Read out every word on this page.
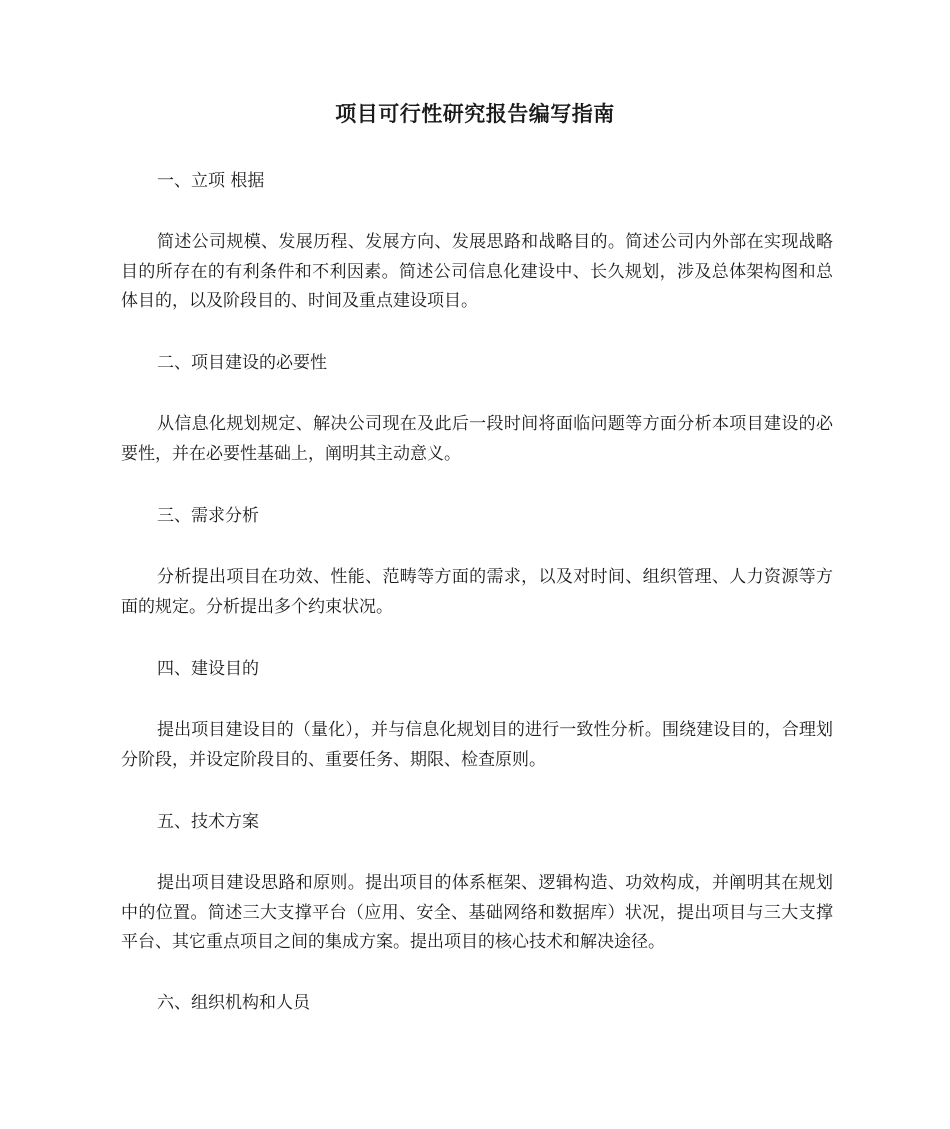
项目可行性研究报告编写指南
一、立项 根据

简述公司规模、发展历程、发展方向、发展思路和战略目的。简述公司内外部在实现战略目的所存在的有利条件和不利因素。简述公司信息化建设中、长久规划，涉及总体架构图和总体目的，以及阶段目的、时间及重点建设项目。

二、项目建设的必要性

从信息化规划规定、解决公司现在及此后一段时间将面临问题等方面分析本项目建设的必要性，并在必要性基础上，阐明其主动意义。

三、需求分析

分析提出项目在功效、性能、范畴等方面的需求，以及对时间、组织管理、人力资源等方面的规定。分析提出多个约束状况。

四、建设目的

提出项目建设目的（量化），并与信息化规划目的进行一致性分析。围绕建设目的，合理划分阶段，并设定阶段目的、重要任务、期限、检查原则。

五、技术方案

提出项目建设思路和原则。提出项目的体系框架、逻辑构造、功效构成，并阐明其在规划中的位置。简述三大支撑平台（应用、安全、基础网络和数据库）状况，提出项目与三大支撑平台、其它重点项目之间的集成方案。提出项目的核心技术和解决途径。

六、组织机构和人员
